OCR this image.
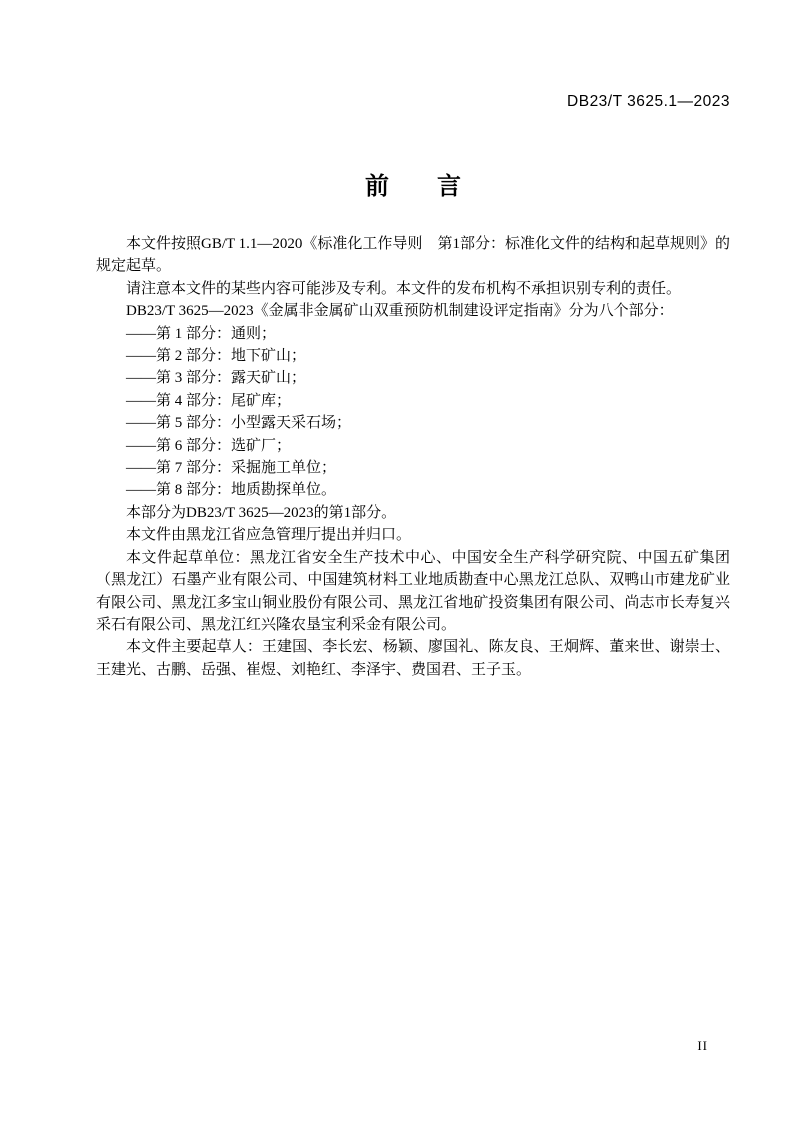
DB23/T 3625.1—2023
前　　言

本文件按照GB/T 1.1—2020《标准化工作导则　第1部分：标准化文件的结构和起草规则》的规定起草。

请注意本文件的某些内容可能涉及专利。本文件的发布机构不承担识别专利的责任。

DB23/T 3625—2023《金属非金属矿山双重预防机制建设评定指南》分为八个部分：

——第 1 部分：通则；

——第 2 部分：地下矿山；

——第 3 部分：露天矿山；

——第 4 部分：尾矿库；

——第 5 部分：小型露天采石场；

——第 6 部分：选矿厂；

——第 7 部分：采掘施工单位；

——第 8 部分：地质勘探单位。

本部分为DB23/T 3625—2023的第1部分。

本文件由黑龙江省应急管理厅提出并归口。

本文件起草单位：黑龙江省安全生产技术中心、中国安全生产科学研究院、中国五矿集团（黑龙江）石墨产业有限公司、中国建筑材料工业地质勘查中心黑龙江总队、双鸭山市建龙矿业有限公司、黑龙江多宝山铜业股份有限公司、黑龙江省地矿投资集团有限公司、尚志市长寿复兴采石有限公司、黑龙江红兴隆农垦宝利采金有限公司。

本文件主要起草人：王建国、李长宏、杨颖、廖国礼、陈友良、王炯辉、董来世、谢崇士、王建光、古鹏、岳强、崔煜、刘艳红、李泽宇、费国君、王子玉。

II
